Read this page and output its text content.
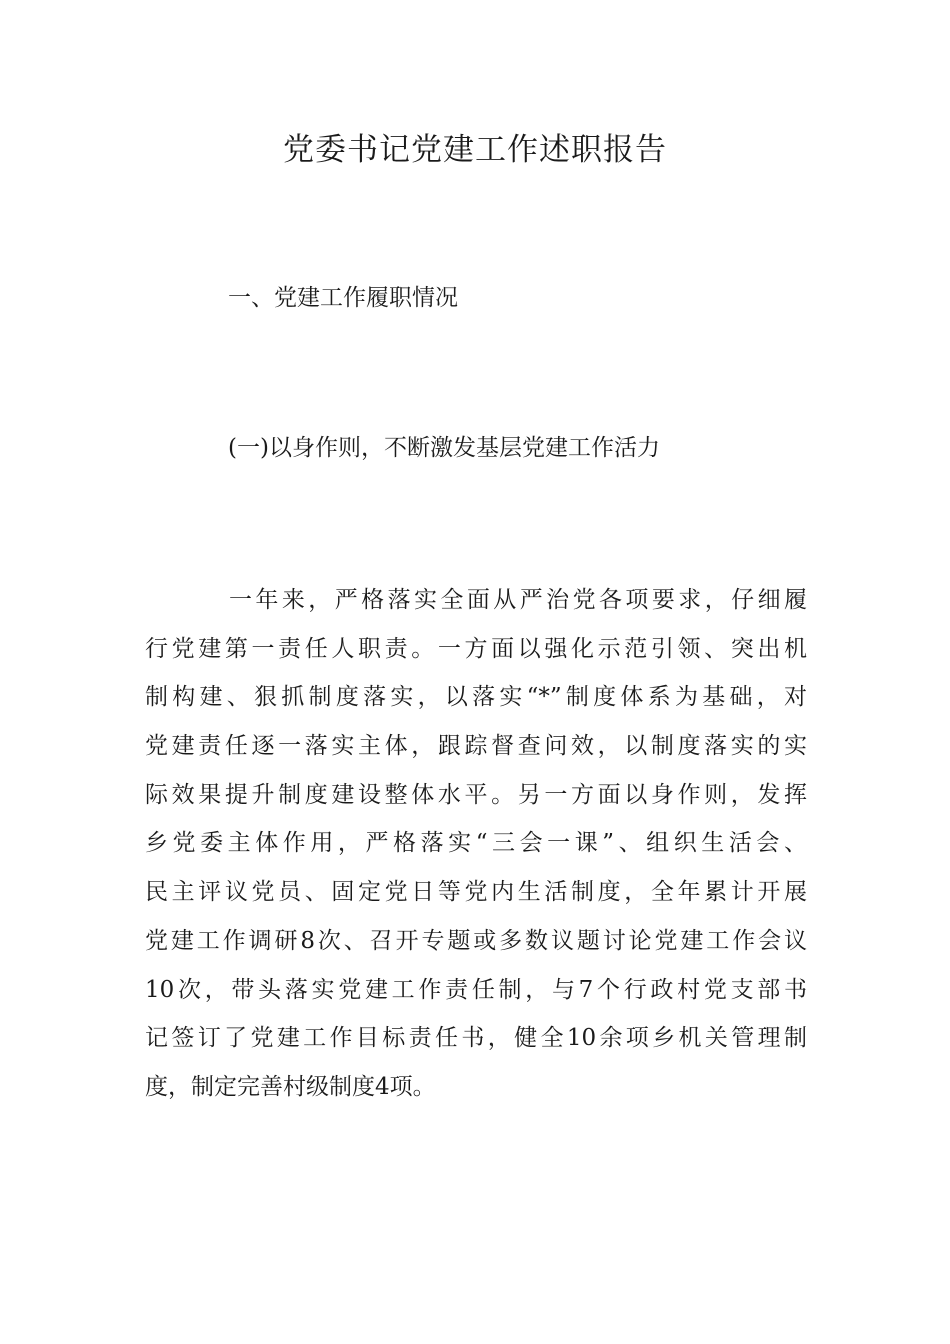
党委书记党建工作述职报告
一、党建工作履职情况
(一)以身作则，不断激发基层党建工作活力
一年来，严格落实全面从严治党各项要求，仔细履
行党建第一责任人职责。一方面以强化示范引领、突出机
制构建、狠抓制度落实，以落实“*”制度体系为基础，对
党建责任逐一落实主体，跟踪督查问效，以制度落实的实
际效果提升制度建设整体水平。另一方面以身作则，发挥
乡党委主体作用，严格落实“三会一课”、组织生活会、
民主评议党员、固定党日等党内生活制度，全年累计开展
党建工作调研8次、召开专题或多数议题讨论党建工作会议
10次，带头落实党建工作责任制，与7个行政村党支部书
记签订了党建工作目标责任书，健全10余项乡机关管理制
度，制定完善村级制度4项。
